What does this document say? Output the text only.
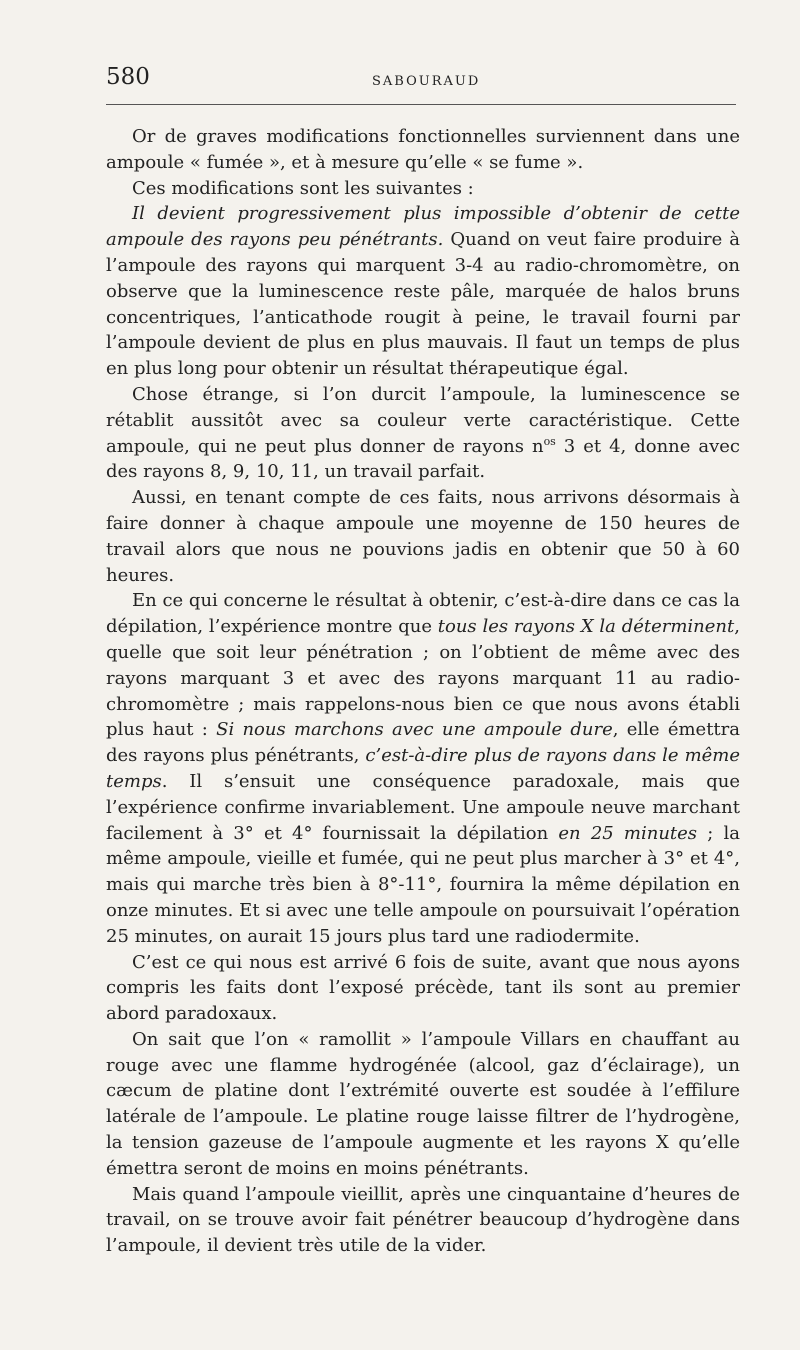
580	SABOURAUD

Or de graves modifications fonctionnelles surviennent dans une ampoule « fumée », et à mesure qu’elle « se fume ».

Ces modifications sont les suivantes :

Il devient progressivement plus impossible d’obtenir de cette ampoule des rayons peu pénétrants. Quand on veut faire produire à l’ampoule des rayons qui marquent 3-4 au radio-chromomètre, on observe que la luminescence reste pâle, marquée de halos bruns concentriques, l’anticathode rougit à peine, le travail fourni par l’ampoule devient de plus en plus mauvais. Il faut un temps de plus en plus long pour obtenir un résultat thérapeutique égal.

Chose étrange, si l’on durcit l’ampoule, la luminescence se rétablit aussitôt avec sa couleur verte caractéristique. Cette ampoule, qui ne peut plus donner de rayons $n^{os}$ 3 et 4, donne avec des rayons 8, 9, 10, 11, un travail parfait.

Aussi, en tenant compte de ces faits, nous arrivons désormais à faire donner à chaque ampoule une moyenne de 150 heures de travail alors que nous ne pouvions jadis en obtenir que 50 à 60 heures.

En ce qui concerne le résultat à obtenir, c’est-à-dire dans ce cas la dépilation, l’expérience montre que tous les rayons X la déterminent, quelle que soit leur pénétration ; on l’obtient de même avec des rayons marquant 3 et avec des rayons marquant 11 au radio-chromomètre ; mais rappelons-nous bien ce que nous avons établi plus haut : Si nous marchons avec une ampoule dure, elle émettra des rayons plus pénétrants, c’est-à-dire plus de rayons dans le même temps. Il s’ensuit une conséquence paradoxale, mais que l’expérience confirme invariablement. Une ampoule neuve marchant facilement à 3° et 4° fournissait la dépilation en 25 minutes ; la même ampoule, vieille et fumée, qui ne peut plus marcher à 3° et 4°, mais qui marche très bien à 8°-11°, fournira la même dépilation en onze minutes. Et si avec une telle ampoule on poursuivait l’opération 25 minutes, on aurait 15 jours plus tard une radiodermite.

C’est ce qui nous est arrivé 6 fois de suite, avant que nous ayons compris les faits dont l’exposé précède, tant ils sont au premier abord paradoxaux.

On sait que l’on « ramollit » l’ampoule Villars en chauffant au rouge avec une flamme hydrogénée (alcool, gaz d’éclairage), un cæcum de platine dont l’extrémité ouverte est soudée à l’effilure latérale de l’ampoule. Le platine rouge laisse filtrer de l’hydrogène, la tension gazeuse de l’ampoule augmente et les rayons X qu’elle émettra seront de moins en moins pénétrants.

Mais quand l’ampoule vieillit, après une cinquantaine d’heures de travail, on se trouve avoir fait pénétrer beaucoup d’hydrogène dans l’ampoule, il devient très utile de la vider.
